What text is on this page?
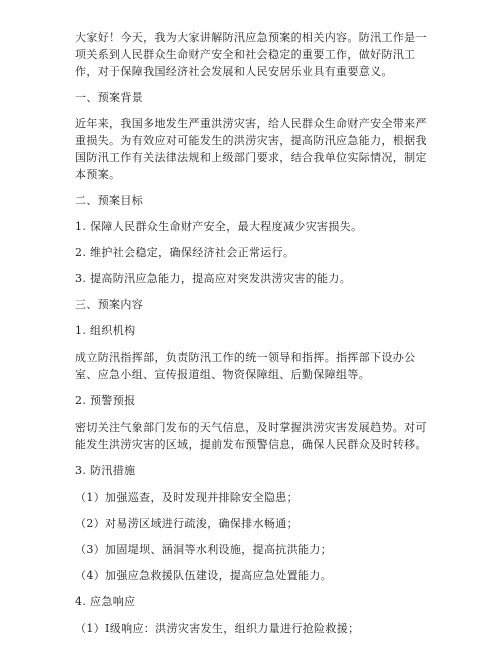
大家好！今天，我为大家讲解防汛应急预案的相关内容。防汛工作是一项关系到人民群众生命财产安全和社会稳定的重要工作，做好防汛工作，对于保障我国经济社会发展和人民安居乐业具有重要意义。

一、预案背景

近年来，我国多地发生严重洪涝灾害，给人民群众生命财产安全带来严重损失。为有效应对可能发生的洪涝灾害，提高防汛应急能力，根据我国防汛工作有关法律法规和上级部门要求，结合我单位实际情况，制定本预案。

二、预案目标

1. 保障人民群众生命财产安全，最大程度减少灾害损失。

2. 维护社会稳定，确保经济社会正常运行。

3. 提高防汛应急能力，提高应对突发洪涝灾害的能力。

三、预案内容

1. 组织机构

成立防汛指挥部，负责防汛工作的统一领导和指挥。指挥部下设办公室、应急小组、宣传报道组、物资保障组、后勤保障组等。

2. 预警预报

密切关注气象部门发布的天气信息，及时掌握洪涝灾害发展趋势。对可能发生洪涝灾害的区域，提前发布预警信息，确保人民群众及时转移。

3. 防汛措施

（1）加强巡查，及时发现并排除安全隐患；

（2）对易涝区域进行疏浚，确保排水畅通；

（3）加固堤坝、涵洞等水利设施，提高抗洪能力；

（4）加强应急救援队伍建设，提高应急处置能力。

4. 应急响应

（1）Ⅰ级响应：洪涝灾害发生，组织力量进行抢险救援；
